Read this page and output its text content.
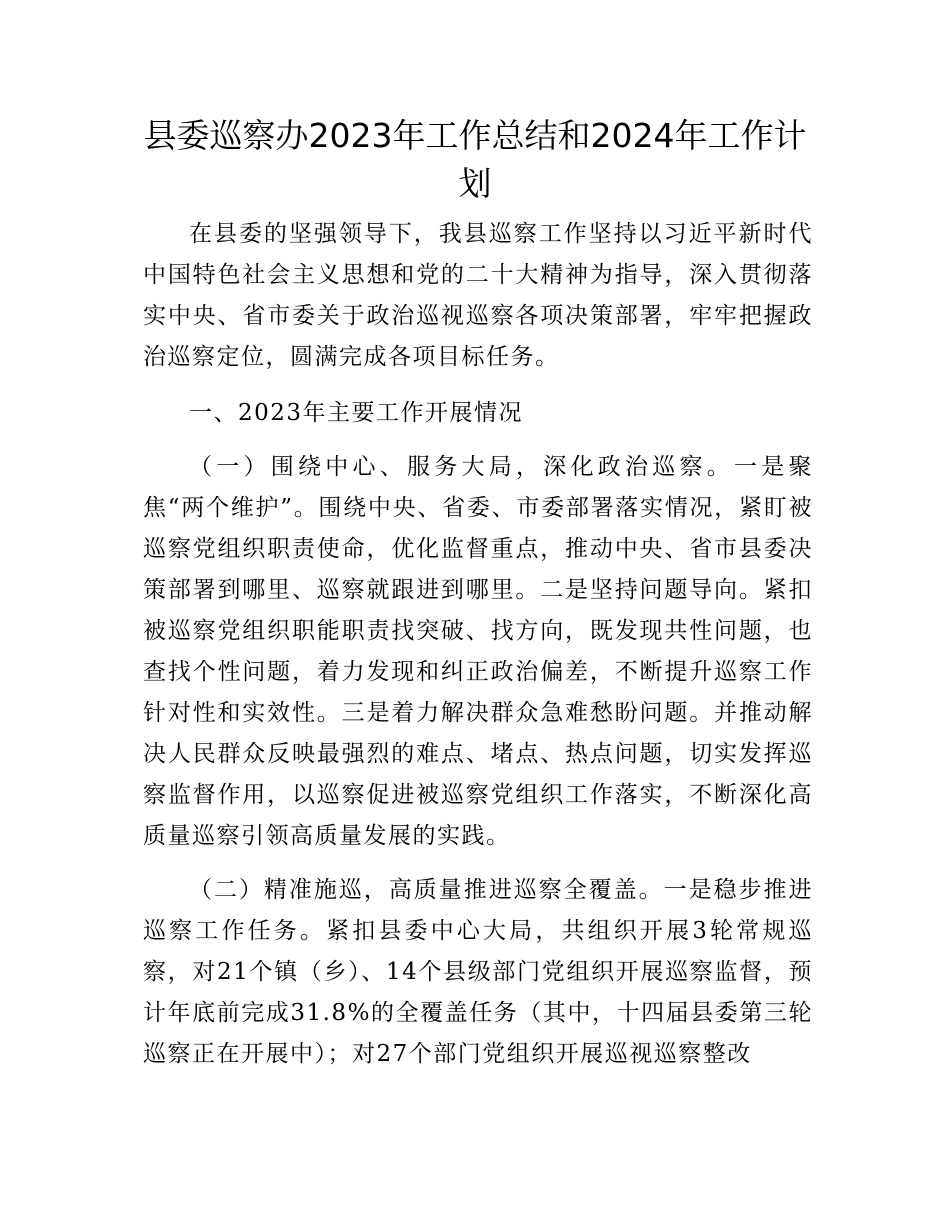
县委巡察办2023年工作总结和2024年工作计划

在县委的坚强领导下，我县巡察工作坚持以习近平新时代中国特色社会主义思想和党的二十大精神为指导，深入贯彻落实中央、省市委关于政治巡视巡察各项决策部署，牢牢把握政治巡察定位，圆满完成各项目标任务。

一、2023年主要工作开展情况

（一）围绕中心、服务大局，深化政治巡察。一是聚焦“两个维护”。围绕中央、省委、市委部署落实情况，紧盯被巡察党组织职责使命，优化监督重点，推动中央、省市县委决策部署到哪里、巡察就跟进到哪里。二是坚持问题导向。紧扣被巡察党组织职能职责找突破、找方向，既发现共性问题，也查找个性问题，着力发现和纠正政治偏差，不断提升巡察工作针对性和实效性。三是着力解决群众急难愁盼问题。并推动解决人民群众反映最强烈的难点、堵点、热点问题，切实发挥巡察监督作用，以巡察促进被巡察党组织工作落实，不断深化高质量巡察引领高质量发展的实践。

（二）精准施巡，高质量推进巡察全覆盖。一是稳步推进巡察工作任务。紧扣县委中心大局，共组织开展3轮常规巡察，对21个镇（乡）、14个县级部门党组织开展巡察监督，预计年底前完成31.8%的全覆盖任务（其中，十四届县委第三轮巡察正在开展中）；对27个部门党组织开展巡视巡察整改
